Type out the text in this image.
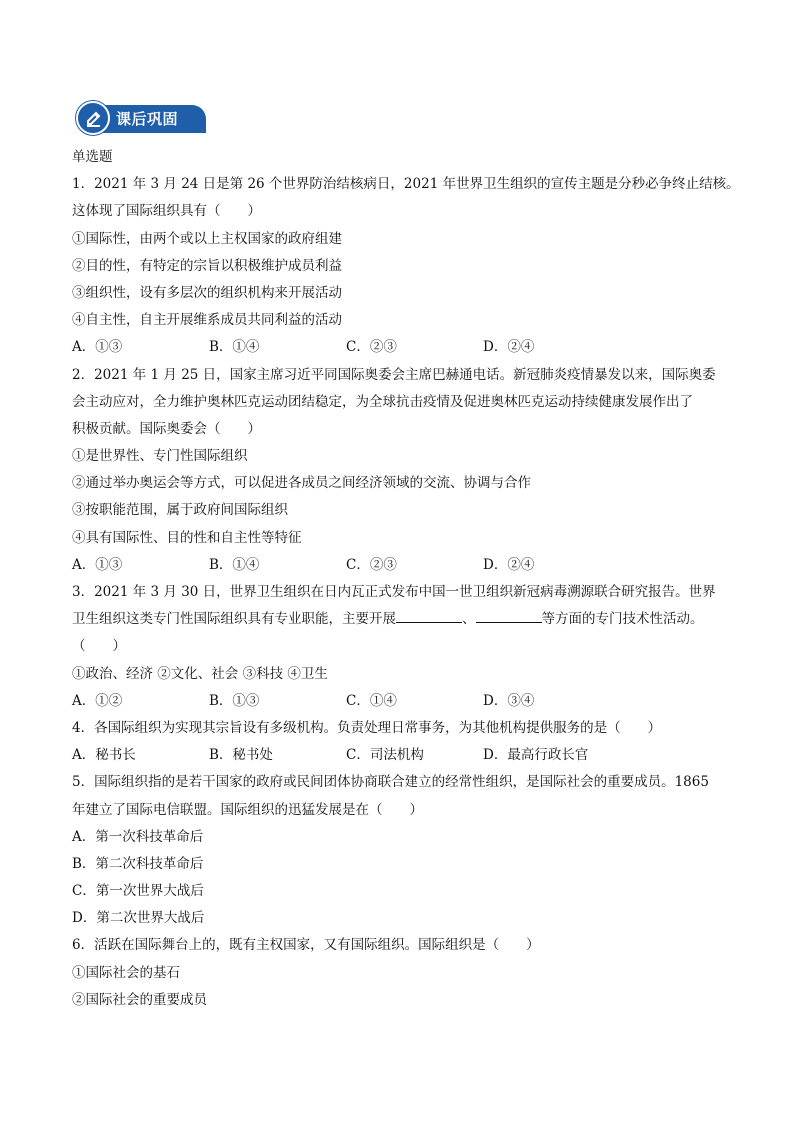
课后巩固
单选题
1．2021 年 3 月 24 日是第 26 个世界防治结核病日，2021 年世界卫生组织的宣传主题是分秒必争终止结核。
这体现了国际组织具有（　　）
①国际性，由两个或以上主权国家的政府组建
②目的性，有特定的宗旨以积极维护成员利益
③组织性，设有多层次的组织机构来开展活动
④自主性，自主开展维系成员共同利益的活动
A．①③	B．①④	C．②③	D．②④
2．2021 年 1 月 25 日，国家主席习近平同国际奥委会主席巴赫通电话。新冠肺炎疫情暴发以来，国际奥委
会主动应对，全力维护奥林匹克运动团结稳定，为全球抗击疫情及促进奥林匹克运动持续健康发展作出了
积极贡献。国际奥委会（　　）
①是世界性、专门性国际组织
②通过举办奥运会等方式，可以促进各成员之间经济领域的交流、协调与合作
③按职能范围，属于政府间国际组织
④具有国际性、目的性和自主性等特征
A．①③	B．①④	C．②③	D．②④
3．2021 年 3 月 30 日，世界卫生组织在日内瓦正式发布中国一世卫组织新冠病毒溯源联合研究报告。世界
卫生组织这类专门性国际组织具有专业职能，主要开展	、	等方面的专门技术性活动。
（　　）
①政治、经济 ②文化、社会 ③科技 ④卫生
A．①②	B．①③	C．①④	D．③④
4．各国际组织为实现其宗旨设有多级机构。负责处理日常事务，为其他机构提供服务的是（　　）
A．秘书长	B．秘书处	C．司法机构	D．最高行政长官
5．国际组织指的是若干国家的政府或民间团体协商联合建立的经常性组织，是国际社会的重要成员。1865
年建立了国际电信联盟。国际组织的迅猛发展是在（　　）
A．第一次科技革命后
B．第二次科技革命后
C．第一次世界大战后
D．第二次世界大战后
6．活跃在国际舞台上的，既有主权国家，又有国际组织。国际组织是（　　）
①国际社会的基石
②国际社会的重要成员
